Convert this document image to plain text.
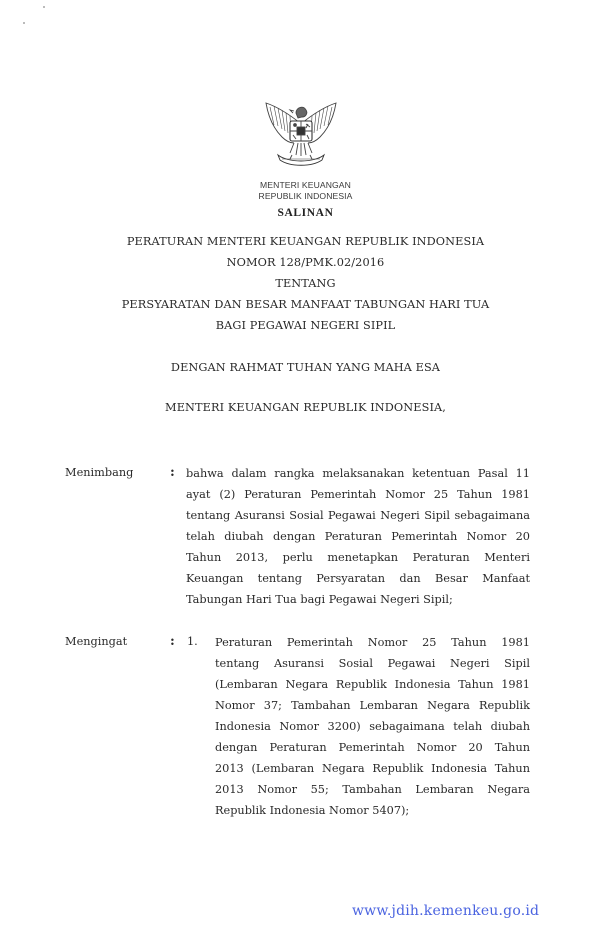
MENTERI KEUANGAN
REPUBLIK INDONESIA
SALINAN
PERATURAN MENTERI KEUANGAN REPUBLIK INDONESIA
NOMOR 128/PMK.02/2016
TENTANG
PERSYARATAN DAN BESAR MANFAAT TABUNGAN HARI TUA
BAGI PEGAWAI NEGERI SIPIL
DENGAN RAHMAT TUHAN YANG MAHA ESA
MENTERI KEUANGAN REPUBLIK INDONESIA,
Menimbang	: bahwa dalam rangka melaksanakan ketentuan Pasal 11
ayat (2) Peraturan Pemerintah Nomor 25 Tahun 1981
tentang Asuransi Sosial Pegawai Negeri Sipil sebagaimana
telah diubah dengan Peraturan Pemerintah Nomor 20
Tahun 2013, perlu menetapkan Peraturan Menteri
Keuangan tentang Persyaratan dan Besar Manfaat
Tabungan Hari Tua bagi Pegawai Negeri Sipil;
Mengingat	: 1. Peraturan Pemerintah Nomor 25 Tahun 1981
tentang Asuransi Sosial Pegawai Negeri Sipil
(Lembaran Negara Republik Indonesia Tahun 1981
Nomor 37; Tambahan Lembaran Negara Republik
Indonesia Nomor 3200) sebagaimana telah diubah
dengan Peraturan Pemerintah Nomor 20 Tahun
2013 (Lembaran Negara Republik Indonesia Tahun
2013 Nomor 55; Tambahan Lembaran Negara
Republik Indonesia Nomor 5407);
www.jdih.kemenkeu.go.id
